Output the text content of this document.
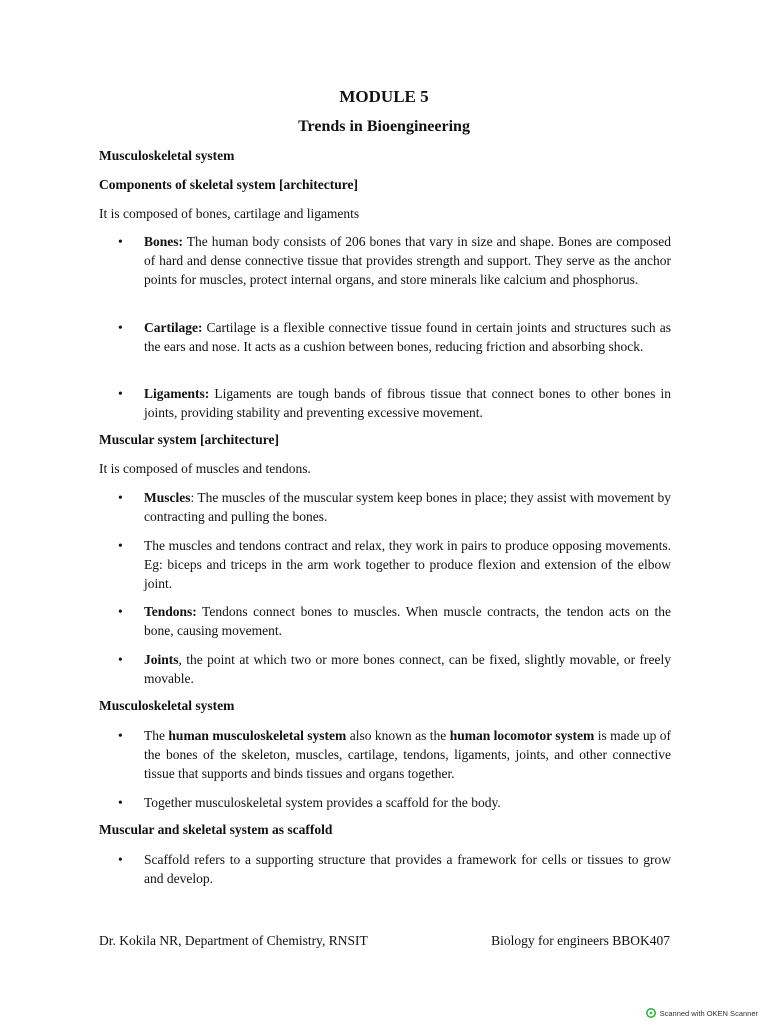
MODULE 5
Trends in Bioengineering
Musculoskeletal system
Components of skeletal system [architecture]
It is composed of bones, cartilage and ligaments
•	Bones: The human body consists of 206 bones that vary in size and shape. Bones are composed of hard and dense connective tissue that provides strength and support. They serve as the anchor points for muscles, protect internal organs, and store minerals like calcium and phosphorus.
•	Cartilage: Cartilage is a flexible connective tissue found in certain joints and structures such as the ears and nose. It acts as a cushion between bones, reducing friction and absorbing shock.
•	Ligaments: Ligaments are tough bands of fibrous tissue that connect bones to other bones in joints, providing stability and preventing excessive movement.
Muscular system [architecture]
It is composed of muscles and tendons.
•	Muscles: The muscles of the muscular system keep bones in place; they assist with movement by contracting and pulling the bones.
•	The muscles and tendons contract and relax, they work in pairs to produce opposing movements. Eg: biceps and triceps in the arm work together to produce flexion and extension of the elbow joint.
•	Tendons: Tendons connect bones to muscles. When muscle contracts, the tendon acts on the bone, causing movement.
•	Joints, the point at which two or more bones connect, can be fixed, slightly movable, or freely movable.
Musculoskeletal system
•	The human musculoskeletal system also known as the human locomotor system is made up of the bones of the skeleton, muscles, cartilage, tendons, ligaments, joints, and other connective tissue that supports and binds tissues and organs together.
•	Together musculoskeletal system provides a scaffold for the body.
Muscular and skeletal system as scaffold
•	Scaffold refers to a supporting structure that provides a framework for cells or tissues to grow and develop.
Dr. Kokila NR, Department of Chemistry, RNSIT	Biology for engineers BBOK407
Scanned with OKEN Scanner
